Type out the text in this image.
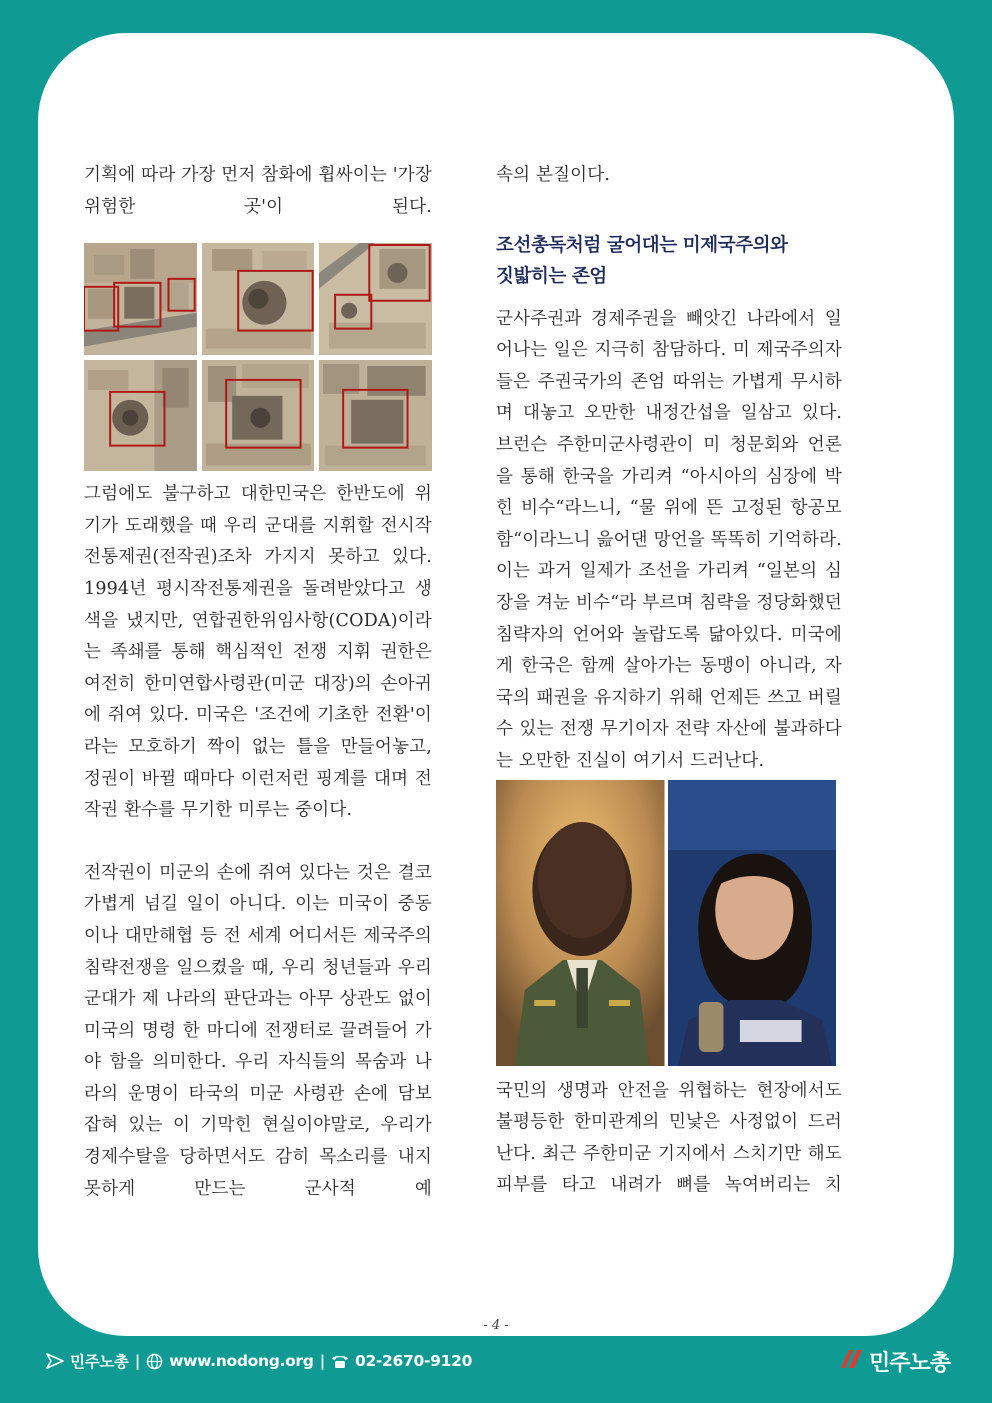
기획에 따라 가장 먼저 참화에 휩싸이는 '가장 위험한 곳'이 된다.

그럼에도 불구하고 대한민국은 한반도에 위기가 도래했을 때 우리 군대를 지휘할 전시작전통제권(전작권)조차 가지지 못하고 있다. 1994년 평시작전통제권을 돌려받았다고 생색을 냈지만, 연합권한위임사항(CODA)이라는 족쇄를 통해 핵심적인 전쟁 지휘 권한은 여전히 한미연합사령관(미군 대장)의 손아귀에 쥐여 있다. 미국은 '조건에 기초한 전환'이라는 모호하기 짝이 없는 틀을 만들어놓고, 정권이 바뀔 때마다 이런저런 핑계를 대며 전작권 환수를 무기한 미루는 중이다.

전작권이 미군의 손에 쥐여 있다는 것은 결코 가볍게 넘길 일이 아니다. 이는 미국이 중동이나 대만해협 등 전 세계 어디서든 제국주의 침략전쟁을 일으켰을 때, 우리 청년들과 우리 군대가 제 나라의 판단과는 아무 상관도 없이 미국의 명령 한 마디에 전쟁터로 끌려들어 가야 함을 의미한다. 우리 자식들의 목숨과 나라의 운명이 타국의 미군 사령관 손에 담보 잡혀 있는 이 기막힌 현실이야말로, 우리가 경제수탈을 당하면서도 감히 목소리를 내지 못하게 만드는 군사적 예

속의 본질이다.

조선총독처럼 굴어대는 미제국주의와
짓밟히는 존엄

군사주권과 경제주권을 빼앗긴 나라에서 일어나는 일은 지극히 참담하다. 미 제국주의자들은 주권국가의 존엄 따위는 가볍게 무시하며 대놓고 오만한 내정간섭을 일삼고 있다. 브런슨 주한미군사령관이 미 청문회와 언론을 통해 한국을 가리켜 “아시아의 심장에 박힌 비수“라느니, “물 위에 뜬 고정된 항공모함“이라느니 읊어댄 망언을 똑똑히 기억하라. 이는 과거 일제가 조선을 가리켜 “일본의 심장을 겨눈 비수“라 부르며 침략을 정당화했던 침략자의 언어와 놀랍도록 닮아있다. 미국에게 한국은 함께 살아가는 동맹이 아니라, 자국의 패권을 유지하기 위해 언제든 쓰고 버릴 수 있는 전쟁 무기이자 전략 자산에 불과하다는 오만한 진실이 여기서 드러난다.

국민의 생명과 안전을 위협하는 현장에서도 불평등한 한미관계의 민낯은 사정없이 드러난다. 최근 주한미군 기지에서 스치기만 해도 피부를 타고 내려가 뼈를 녹여버리는 치

- 4 -
민주노총 | www.nodong.org | 02-2670-9120	민주노총
